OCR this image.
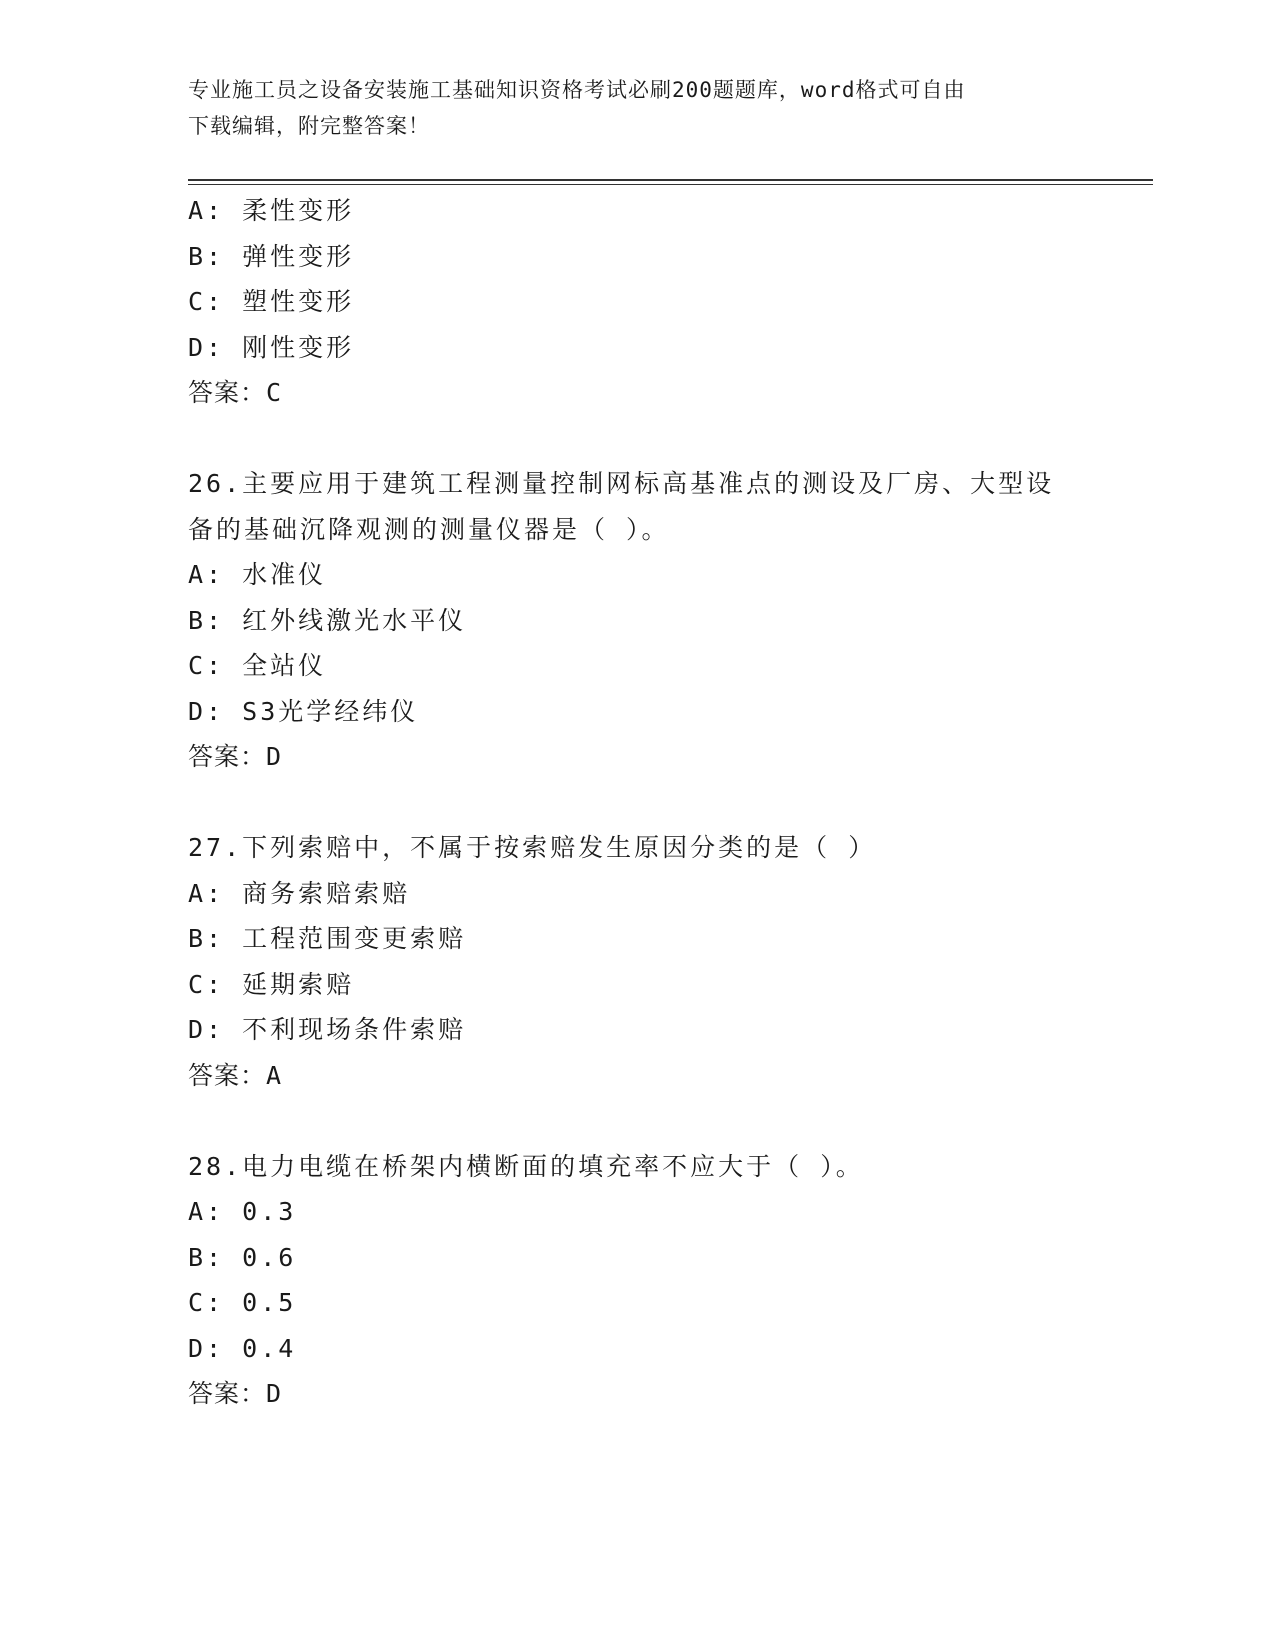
专业施工员之设备安装施工基础知识资格考试必刷200题题库，word格式可自由
下载编辑，附完整答案！
A: 柔性变形
B: 弹性变形
C: 塑性变形
D: 刚性变形
答案：C
26.主要应用于建筑工程测量控制网标高基准点的测设及厂房、大型设
备的基础沉降观测的测量仪器是（ ）。
A: 水准仪
B: 红外线激光水平仪
C: 全站仪
D: S3光学经纬仪
答案：D
27.下列索赔中，不属于按索赔发生原因分类的是（ ）
A: 商务索赔索赔
B: 工程范围变更索赔
C: 延期索赔
D: 不利现场条件索赔
答案：A
28.电力电缆在桥架内横断面的填充率不应大于（ ）。
A: 0.3
B: 0.6
C: 0.5
D: 0.4
答案：D
